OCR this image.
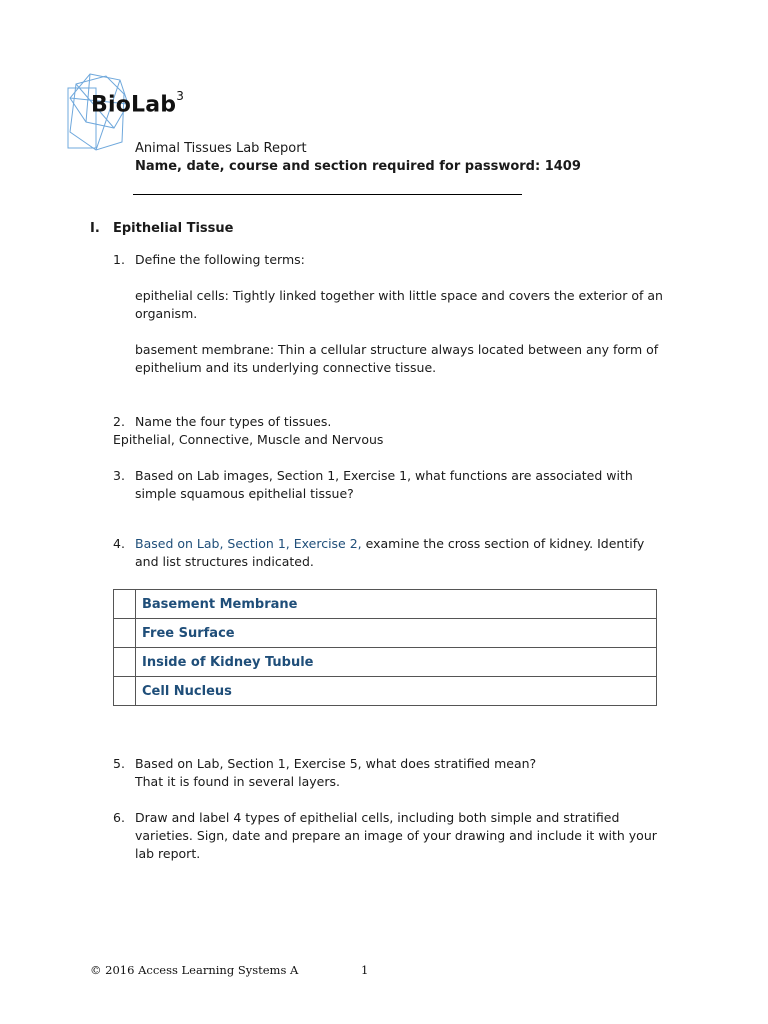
BioLab$^3$
Animal Tissues Lab Report
Name, date, course and section required for password: 1409
I. Epithelial Tissue
1. Define the following terms:
epithelial cells: Tightly linked together with little space and covers the exterior of an
organism.
basement membrane: Thin a cellular structure always located between any form of
epithelium and its underlying connective tissue.
2. Name the four types of tissues.
Epithelial, Connective, Muscle and Nervous
3. Based on Lab images, Section 1, Exercise 1, what functions are associated with
simple squamous epithelial tissue?
4. Based on Lab, Section 1, Exercise 2, examine the cross section of kidney. Identify
and list structures indicated.
	Basement Membrane
	Free Surface
	Inside of Kidney Tubule
	Cell Nucleus
5. Based on Lab, Section 1, Exercise 5, what does stratified mean?
That it is found in several layers.
6. Draw and label 4 types of epithelial cells, including both simple and stratified
varieties. Sign, date and prepare an image of your drawing and include it with your
lab report.
© 2016 Access Learning Systems A	1
